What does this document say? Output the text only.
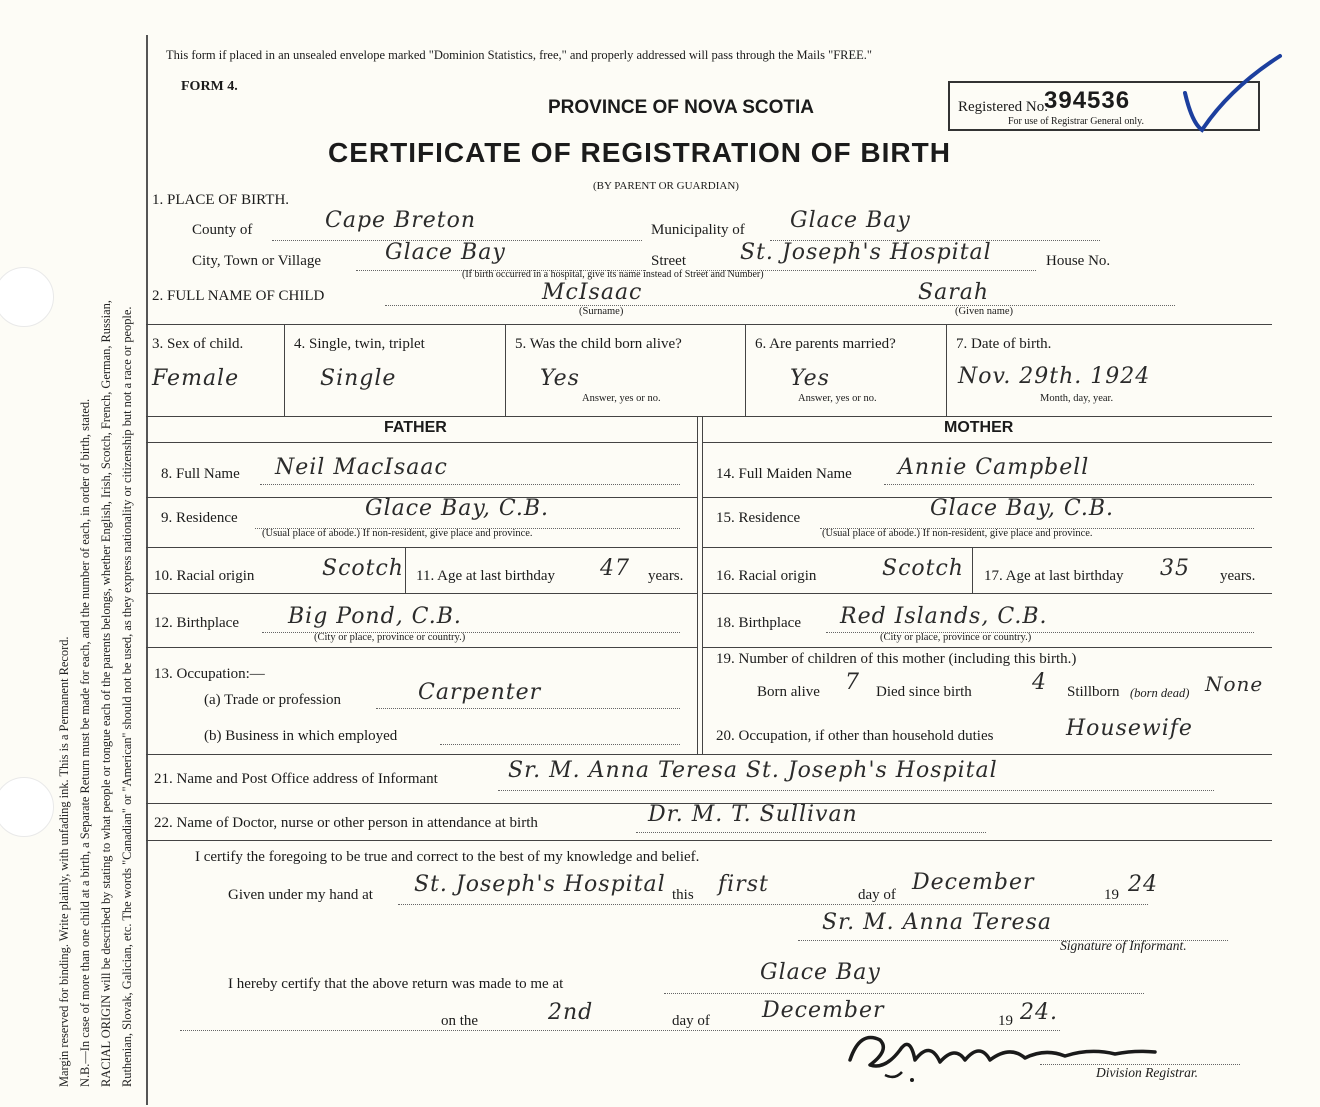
Margin reserved for binding. Write plainly, with unfading ink. This is a Permanent Record. N.B.—In case of more than one child at a birth, a Separate Return must be made for each, and the number of each, in order of birth, stated. RACIAL ORIGIN will be described by stating to what people or tongue each of the parents belongs, whether English, Irish, Scotch, French, German, Russian, Ruthenian, Slovak, Galician, etc. The words "Canadian" or "American" should not be used, as they express nationality or citizenship but not a race or people.
This form if placed in an unsealed envelope marked "Dominion Statistics, free," and properly addressed will pass through the Mails "FREE."
FORM 4.
PROVINCE OF NOVA SCOTIA	Registered No.
394536
For use of Registrar General only.
CERTIFICATE OF REGISTRATION OF BIRTH
(BY PARENT OR GUARDIAN)
1. PLACE OF BIRTH.
County of	Cape Breton	Municipality of Glace Bay
City, Town or Village	Glace Bay	Street St. Joseph's Hospital	House No.
(If birth occurred in a hospital, give its name instead of Street and Number)
2. FULL NAME OF CHILD	McIsaac	Sarah
(Surname)	(Given name)
3. Sex of child.
Female
4. Single, twin, triplet
Single
5. Was the child born alive?
Yes
Answer, yes or no.
6. Are parents married?
Yes
Answer, yes or no.
7. Date of birth.
Nov. 29th. 1924
Month, day, year.
FATHER	MOTHER
8. Full Name Neil MacIsaac
9. Residence	Glace Bay, C.B.
(Usual place of abode.) If non-resident, give place and province.
10. Racial origin	Scotch 11. Age at last birthday 47 years.
12. Birthplace Big Pond, C.B.
(City or place, province or country.)
13. Occupation:—
(a) Trade or profession	Carpenter
(b) Business in which employed
14. Full Maiden Name Annie Campbell
15. Residence	Glace Bay, C.B.
(Usual place of abode.) If non-resident, give place and province.
16. Racial origin	Scotch 17. Age at last birthday 35 years.
18. Birthplace Red Islands, C.B.
(City or place, province or country.)
19. Number of children of this mother (including this birth.)
Born alive 7 Died since birth	4 Stillborn (born dead) None
20. Occupation, if other than household duties	Housewife
21. Name and Post Office address of Informant	Sr. M. Anna Teresa St. Joseph's Hospital
22. Name of Doctor, nurse or other person in attendance at birth	Dr. M. T. Sullivan
I certify the foregoing to be true and correct to the best of my knowledge and belief.
Given under my hand at St. Joseph's Hospital this first	day of December	19 24
Sr. M. Anna Teresa
Signature of Informant.
I hereby certify that the above return was made to me at	Glace Bay
on the	2nd	day of December	19 24.
Division Registrar.
